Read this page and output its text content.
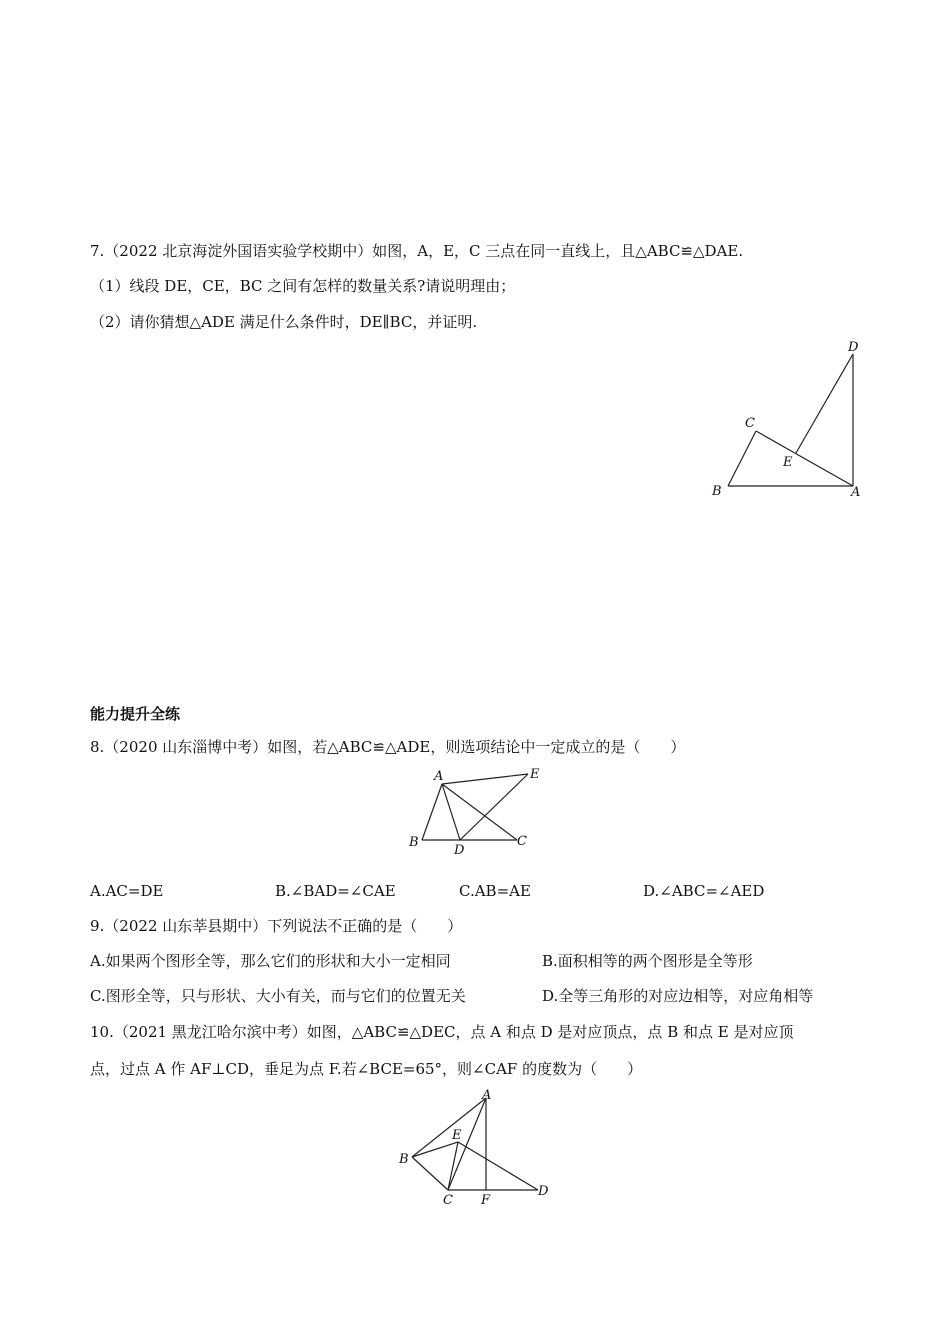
7.（2022 北京海淀外国语实验学校期中）如图，A，E，C 三点在同一直线上，且△ABC≌△DAE.
（1）线段 DE，CE，BC 之间有怎样的数量关系?请说明理由；
（2）请你猜想△ADE 满足什么条件时，DE∥BC，并证明.
D
C
E
B	A
能力提升全练
8.（2020 山东淄博中考）如图，若△ABC≌△ADE，则选项结论中一定成立的是（　　）
A	E
B
D
C
A.AC=DE	B.∠BAD=∠CAE	C.AB=AE	D.∠ABC=∠AED
9.（2022 山东莘县期中）下列说法不正确的是（　　）
A.如果两个图形全等，那么它们的形状和大小一定相同	B.面积相等的两个图形是全等形
C.图形全等，只与形状、大小有关，而与它们的位置无关	D.全等三角形的对应边相等，对应角相等
10.（2021 黑龙江哈尔滨中考）如图，△ABC≌△DEC，点 A 和点 D 是对应顶点，点 B 和点 E 是对应顶
点，过点 A 作 AF⊥CD，垂足为点 F.若∠BCE=65°，则∠CAF 的度数为（　　）
A
E
B
C F
D
